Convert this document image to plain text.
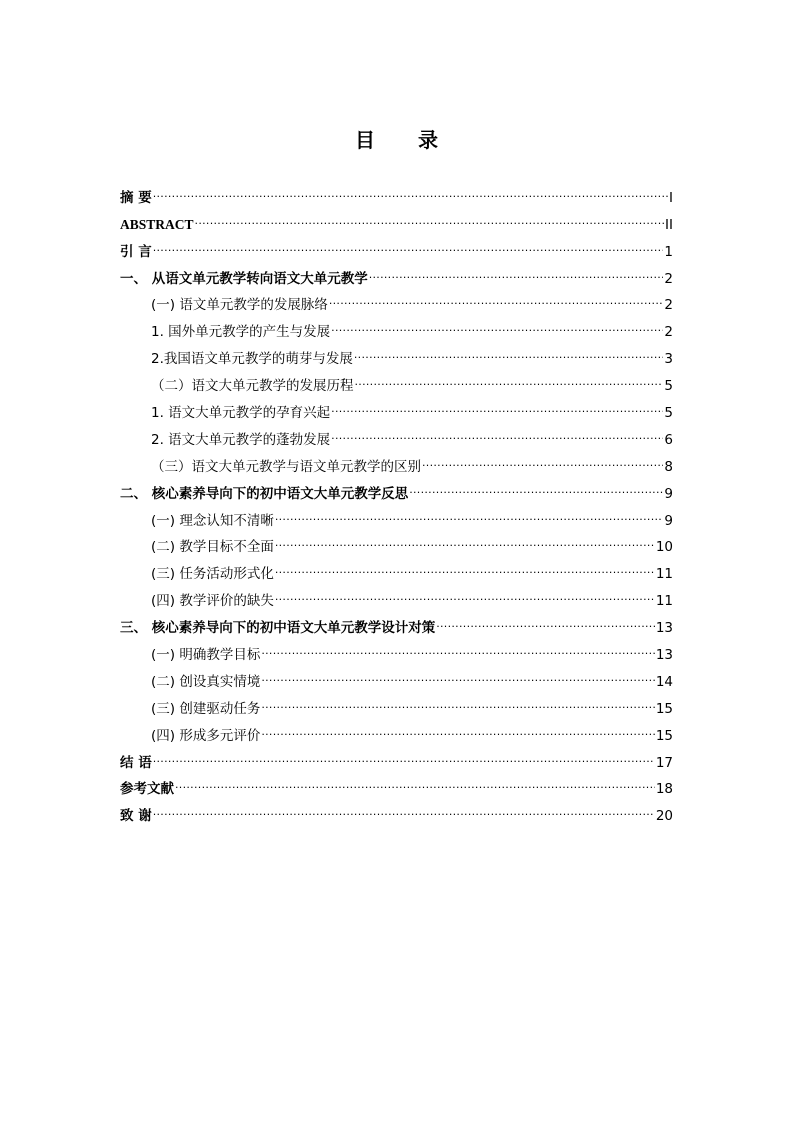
目 录
摘 要 .....	I
ABSTRACT .....	II
引 言 .....	1
一、 从语文单元教学转向语文大单元教学 .....	2
(一) 语文单元教学的发展脉络 .....	2
1. 国外单元教学的产生与发展 .....	2
2.我国语文单元教学的萌芽与发展 .....	3
（二）语文大单元教学的发展历程 .....	5
1. 语文大单元教学的孕育兴起 .....	5
2. 语文大单元教学的蓬勃发展 .....	6
（三）语文大单元教学与语文单元教学的区别 .....	8
二、 核心素养导向下的初中语文大单元教学反思 .....	9
(一) 理念认知不清晰 .....	9
(二) 教学目标不全面 .....	10
(三) 任务活动形式化 .....	11
(四) 教学评价的缺失 .....	11
三、 核心素养导向下的初中语文大单元教学设计对策 .....	13
(一) 明确教学目标 .....	13
(二) 创设真实情境 .....	14
(三) 创建驱动任务 .....	15
(四) 形成多元评价 .....	15
结 语 .....	17
参考文献 .....	18
致 谢 .....	20
